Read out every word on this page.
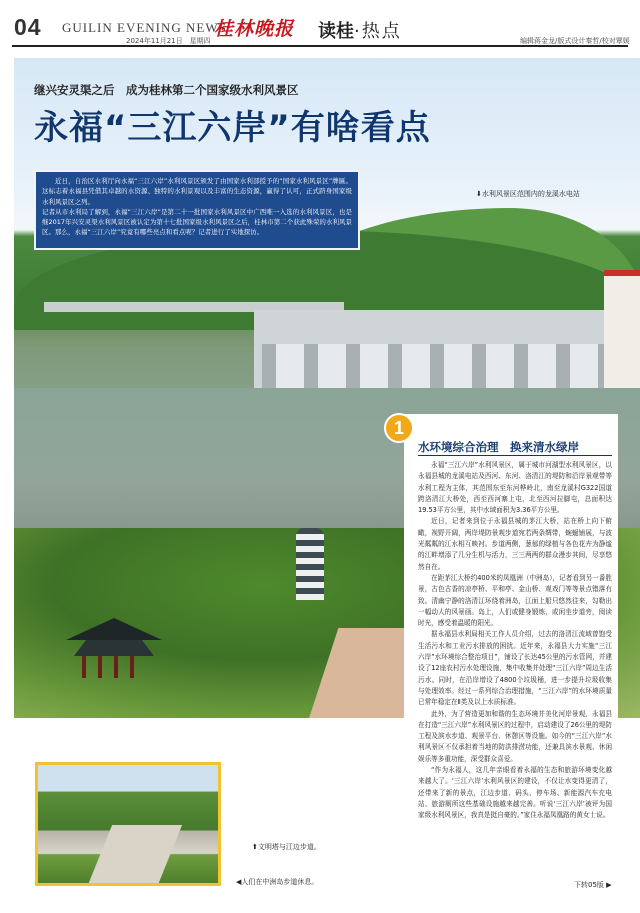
04 GUILIN EVENING NEWS
2024年11月21日　星期四
桂林晚报 读桂·热点	编辑蒋金龙/版式设计秦哲/校对覃媛
继兴安灵渠之后　成为桂林第二个国家级水利风景区
永福“三江六岸”有啥看点

近日，自治区水利厅向永福“三江六岸”水利风景区颁发了由国家水利部授予的“国家水利风景区”牌匾。这标志着永福县凭借其卓越的水资源、独特的水利景观以及丰富的生态资源，赢得了认可，正式跻身国家级水利风景区之列。
记者从市水利局了解到，永福“三江六岸”是第二十一批国家水利风景区中广西唯一入选的水利风景区，也是继2017年兴安灵渠水利风景区被认定为第十七批国家级水利风景区之后，桂林市第二个获此殊荣的水利风景区。那么，永福“三江六岸”究竟有哪些亮点和看点呢？记者进行了实地探访。

⬇水利风景区范围内的龙溪水电站
1
水环境综合治理　换来清水绿岸

永福“三江六岸”水利风景区，属于城市河湖型水利风景区，以永福县城的龙溪电站及西河、东河、洛清江的堤防和沿岸景观带等水利工程为主体，其范围东至东河桦岭北，南至龙溪村G322国道跨洛清江大桥处，西至西河寨上屯，北至西河拉脚屯，总面积达19.53平方公里，其中水域面积为3.36平方公里。

近日，记者来到位于永福县城的茅江大桥，站在桥上向下俯瞰，视野开阔，两岸堤防景观步道宛若两条绸带，蜿蜒铺展，与波光粼粼的江水相互映衬。步道两侧，葱郁的绿植与各色花卉为静谧的江畔增添了几分生机与活力，三三两两的群众漫步其间，尽享悠然自在。

在距茅江大桥约400米的凤凰洲（中洲岛），记者看到另一番胜景，古色古香的凉亭桥、平和亭、金山桥、观戏门等等景点错落有致。清幽宁静的洛清江环绕着洲岛，江面上船只悠然往来，勾勒出一幅动人的风景画。岛上，人们或健身锻炼，或闲坐步道旁，阅读时光，感受着温暖的阳光。

据永福县水利局相关工作人员介绍，过去的洛清江流域曾饱受生活污水和工业污水排放的困扰。近年来，永福县大力实施“三江六岸”水环境综合整治项目”，铺设了长达45公里的污水管网，并建设了12座农村污水处理设施，集中收集并处理“三江六岸”周边生活污水。同时，在沿岸增设了4800个垃圾桶，进一步提升垃圾收集与处理效率。经过一系列综合治理措施，“三江六岸”的水环境质量已常年稳定在Ⅱ类及以上水质标准。

此外，为了营造更加和谐的生态环境并美化河岸景观，永福县在打造“三江六岸”水利风景区的过程中，启动建设了26公里的堤防工程及滨水步道、观景平台、休憩区等设施。如今的“三江六岸”水利风景区不仅承担着当地的防洪排涝功能，还兼具滨水景观、休闲娱乐等多重功能，深受群众喜爱。

“作为永福人，这几年亲眼看着永福的生态和旅游环境变化越来越大了。‘三江六岸’水利风景区的建设，不仅让水变得更清了，还带来了新的景点，江边步道、码头、停车场、新能源汽车充电站、旅游厕所这些基础设施越来越完善。听说‘三江六岸’被评为国家级水利风景区，我真是挺自豪的。”家住永福凤凰路的黄女士说。

⬆文明塔与江边步道。
◀人们在中洲岛步道休息。	下转05版 ▶
